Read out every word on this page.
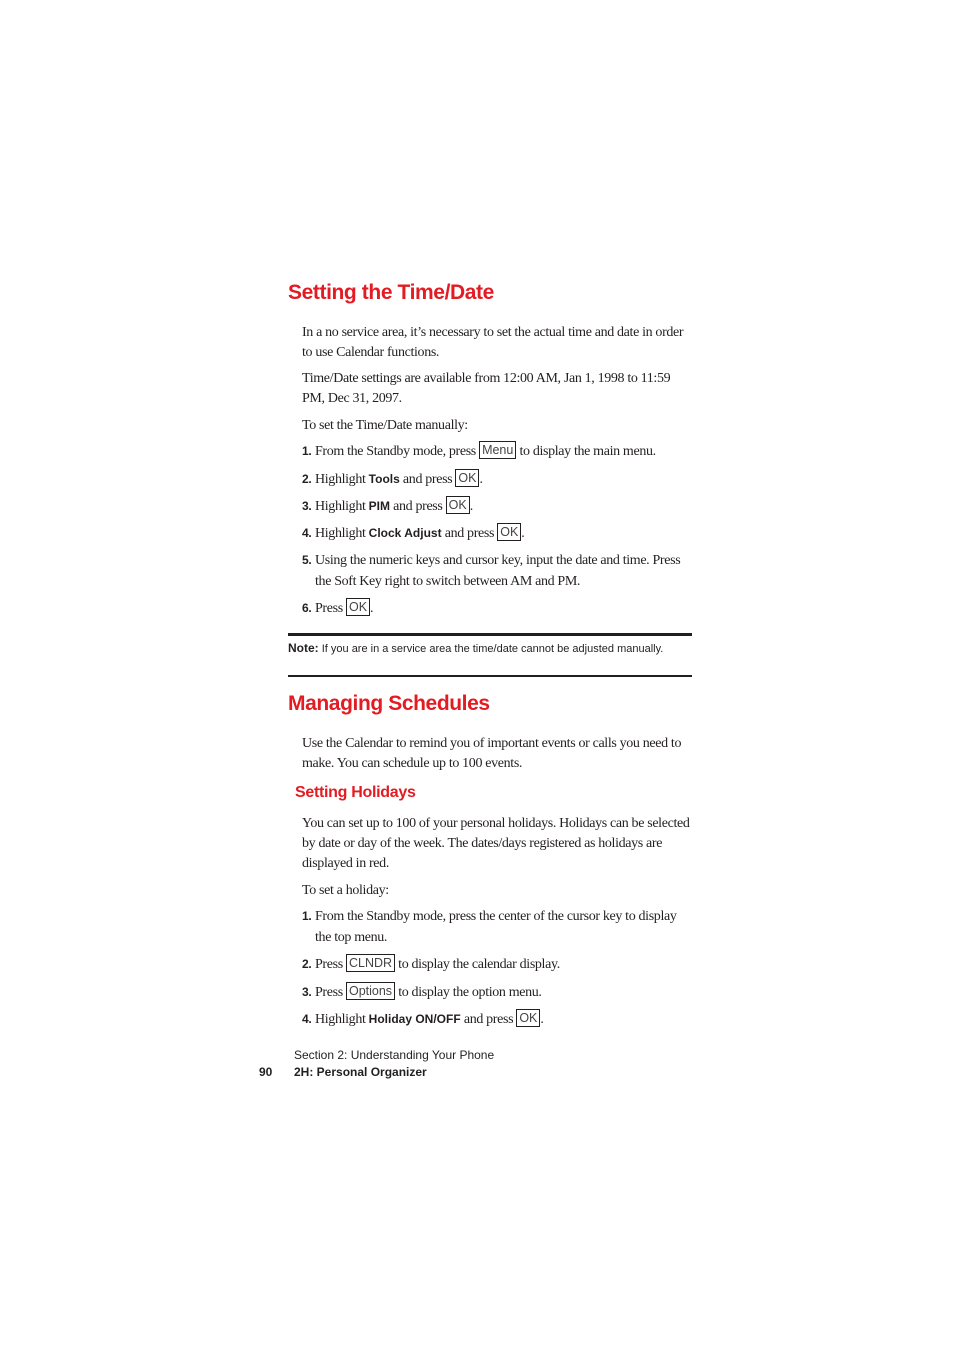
Setting the Time/Date

In a no service area, it’s necessary to set the actual time and date in order to use Calendar functions.

Time/Date settings are available from 12:00 AM, Jan 1, 1998 to 11:59 PM, Dec 31, 2097.

To set the Time/Date manually:

1. From the Standby mode, press Menu to display the main menu.
2. Highlight Tools and press OK .
3. Highlight PIM and press OK .
4. Highlight Clock Adjust and press OK .
5. Using the numeric keys and cursor key, input the date and time. Press
the Soft Key right to switch between AM and PM.
6. Press OK .
Note: If you are in a service area the time/date cannot be adjusted manually.
Managing Schedules

Use the Calendar to remind you of important events or calls you need to make. You can schedule up to 100 events.

Setting Holidays

You can set up to 100 of your personal holidays. Holidays can be selected by date or day of the week. The dates/days registered as holidays are displayed in red.

To set a holiday:

1. From the Standby mode, press the center of the cursor key to display
the top menu.
2. Press CLNDR to display the calendar display.
3. Press Options to display the option menu.
4. Highlight Holiday ON/OFF and press OK .

Section 2: Understanding Your Phone

90 2H: Personal Organizer
